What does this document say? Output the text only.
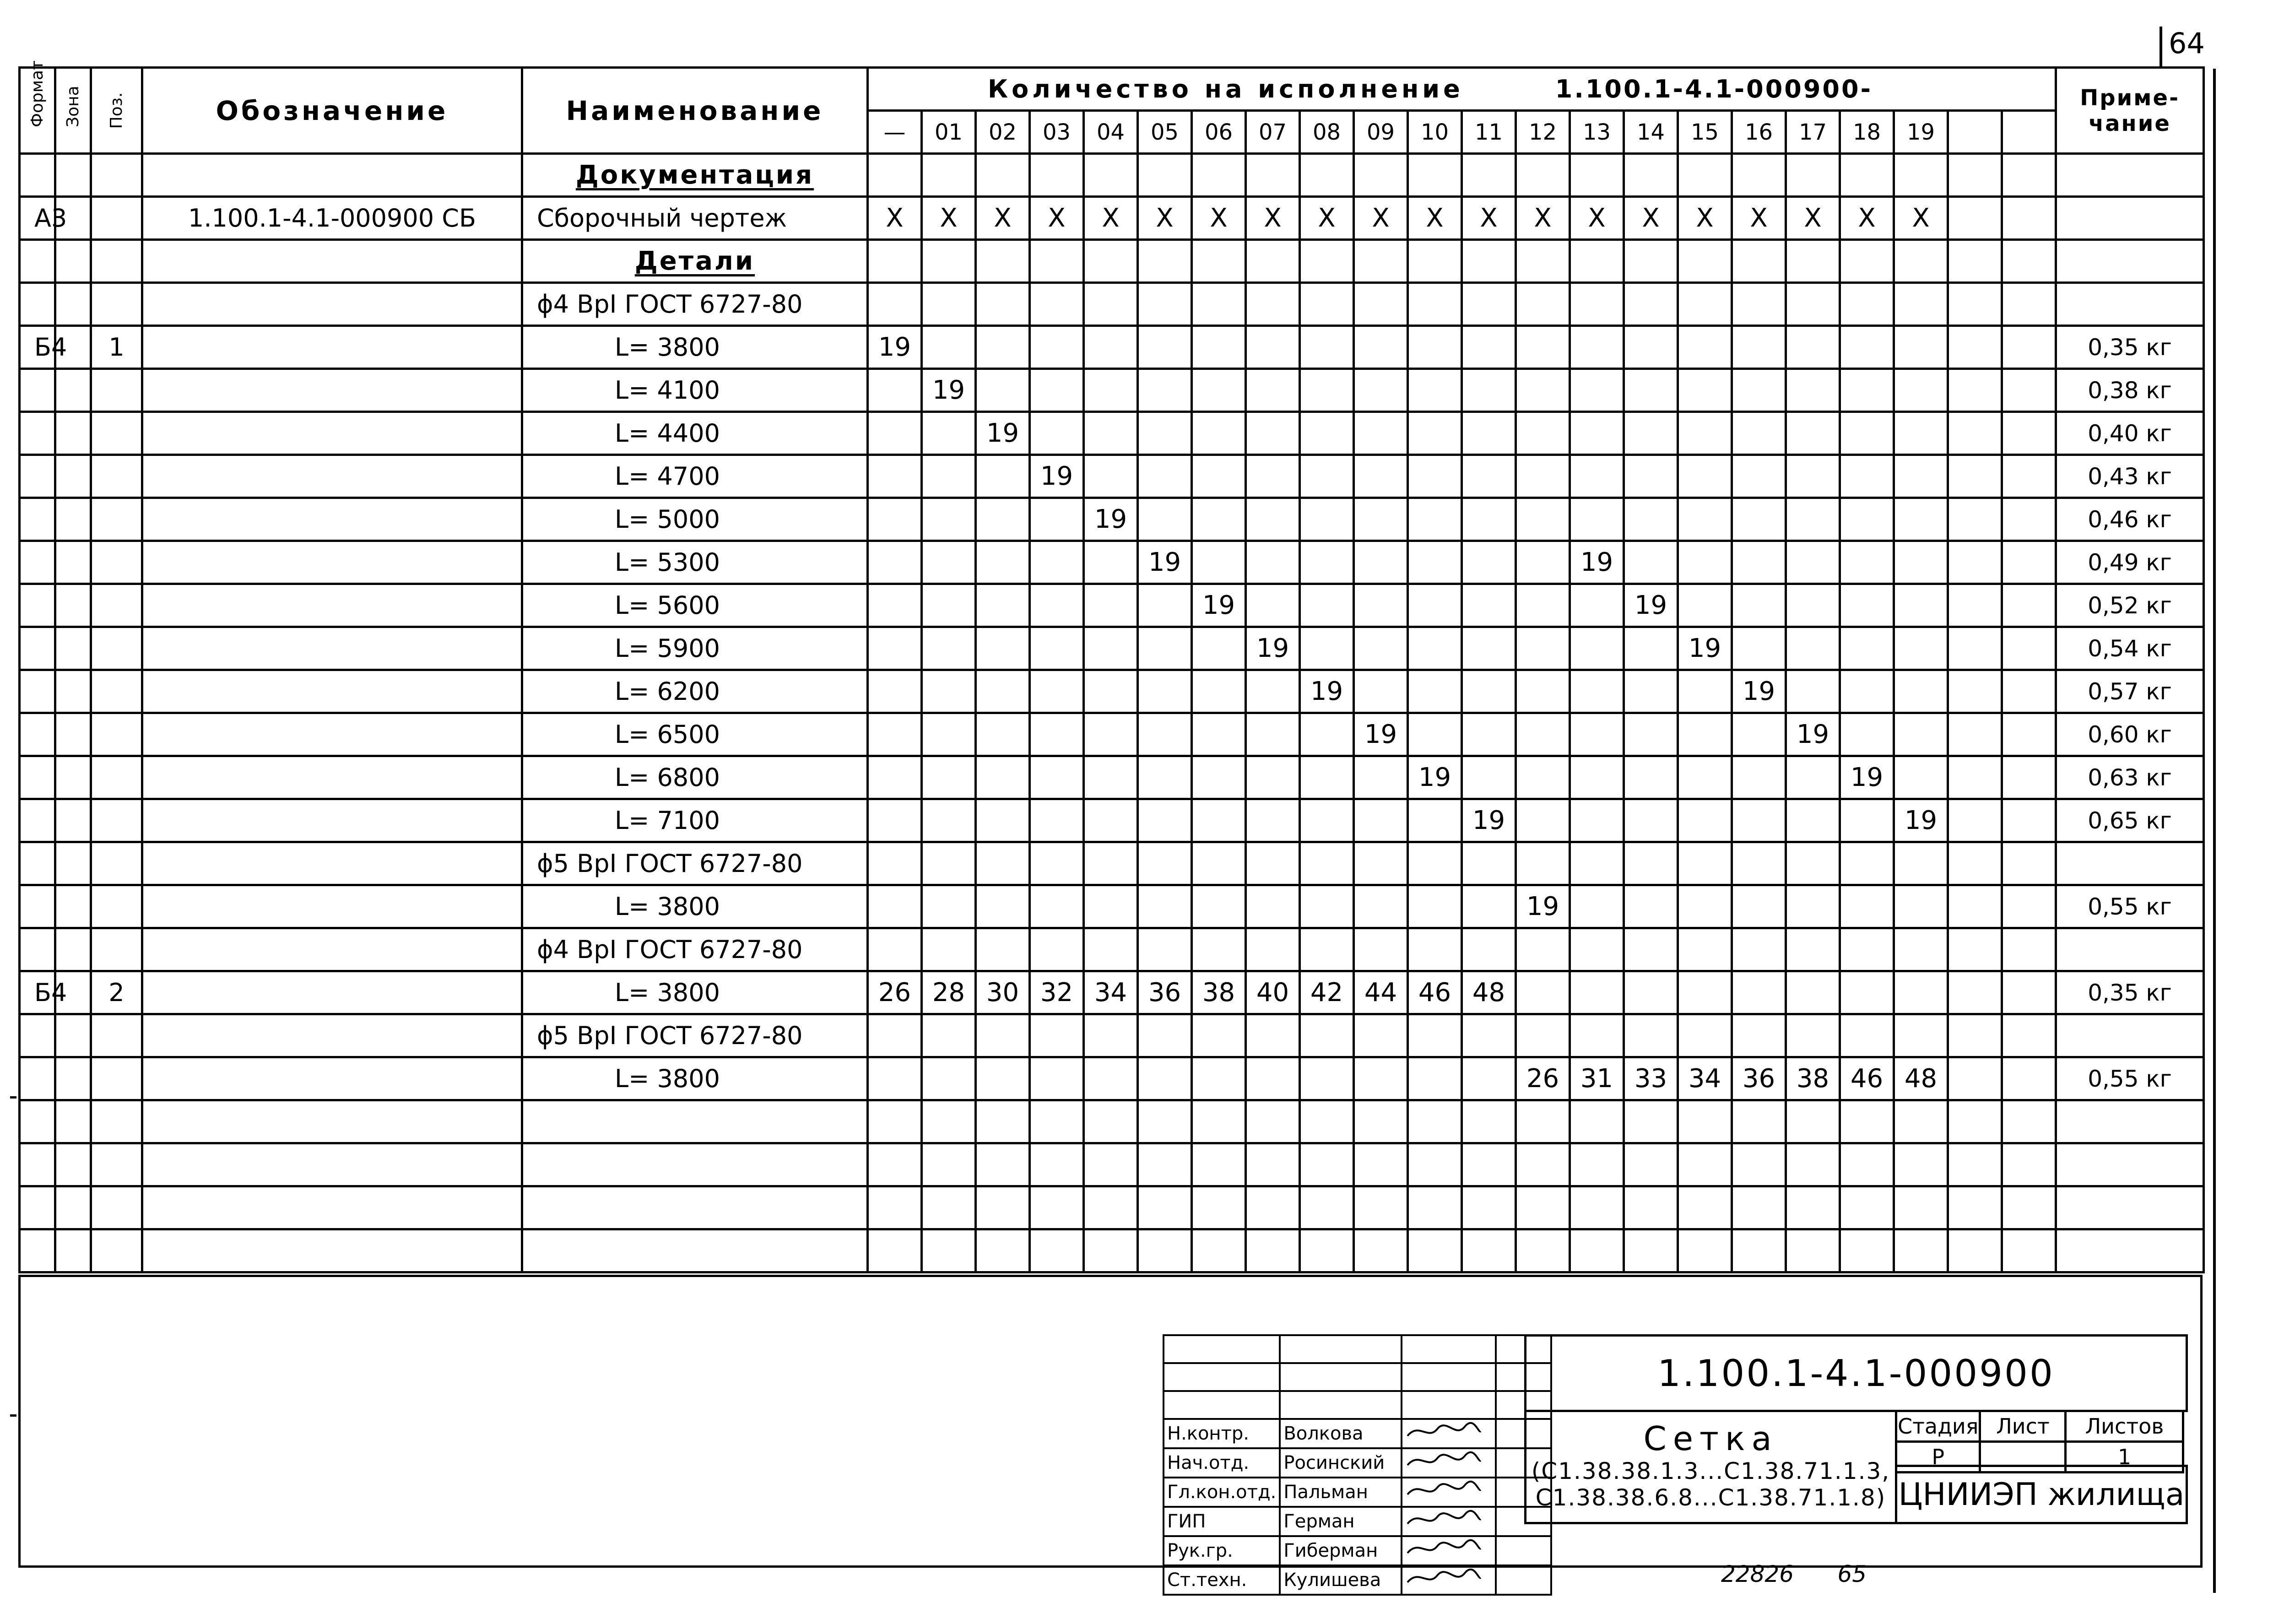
64
Формат	Зона	Поз.	Обозначение	Наименование	Количество на исполнение 1.100.1-4.1-000900-																						Приме-чание
					—	01	02	03	04	05	06	07	08	09	10	11	12	13	14	15	16	17	18	19			
				Документация																							
А3			1.100.1-4.1-000900 СБ	Сборочный чертеж	X	X	X	X	X	X	X	X	X	X	X	X	X	X	X	X	X	X	X	X			
				Детали																							
				ϕ4 ВрI ГОСТ 6727-80																							
Б4		1		L= 3800	19																						0,35 кг
				L= 4100		19																					0,38 кг
				L= 4400			19																				0,40 кг
				L= 4700				19																			0,43 кг
				L= 5000					19																		0,46 кг
				L= 5300						19								19									0,49 кг
				L= 5600							19								19								0,52 кг
				L= 5900								19								19							0,54 кг
				L= 6200									19								19						0,57 кг
				L= 6500										19								19					0,60 кг
				L= 6800											19								19				0,63 кг
				L= 7100												19								19			0,65 кг
				ϕ5 ВрI ГОСТ 6727-80																							
				L= 3800													19										0,55 кг
				ϕ4 ВрI ГОСТ 6727-80																							
Б4		2		L= 3800	26	28	30	32	34	36	38	40	42	44	46	48											0,35 кг
				ϕ5 ВрI ГОСТ 6727-80																							
				L= 3800													26	31	33	34	36	38	46	48			0,55 кг

Н.контр.	Волкова		
Нач.отд.	Росинский		
Гл.кон.отд.	Пальман		
ГИП	Герман		
Рук.гр.	Гиберман		
Ст.техн.	Кулишева		
1.100.1-4.1-000900
Сетка
(С1.38.38.1.3...С1.38.71.1.3,
С1.38.38.6.8...С1.38.71.1.8)
Стадия	Лист	Листов
Р		1
ЦНИИЭП жилища
22826 65
